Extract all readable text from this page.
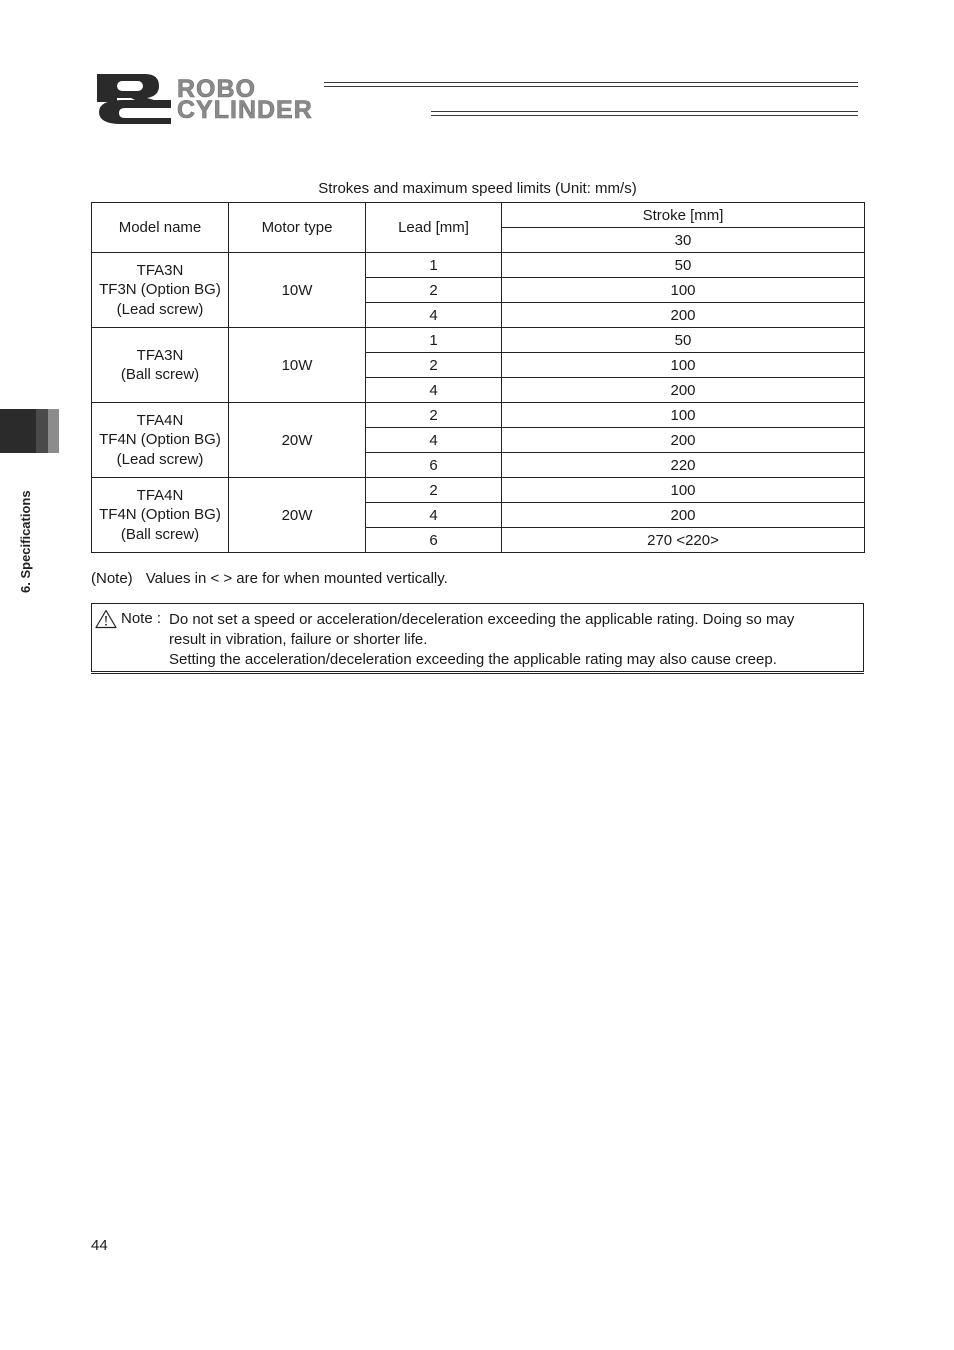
ROBO
CYLINDER
6. Specifications
Strokes and maximum speed limits (Unit: mm/s)
Model name	Motor type	Lead [mm]	Stroke [mm]
			30

TFA3N
TF3N (Option BG)
(Lead screw)	10W	1	50
		2	100
		4	200

TFA3N
(Ball screw)	10W	1	50
		2	100
		4	200

TFA4N
TF4N (Option BG)
(Lead screw)	20W	2	100
		4	200
		6	220

TFA4N
TF4N (Option BG)
(Ball screw)	20W	2	100
		4	200
		6	270 <220>
(Note) Values in < > are for when mounted vertically.
Note : Do not set a speed or acceleration/deceleration exceeding the applicable rating. Doing so may
result in vibration, failure or shorter life.
Setting the acceleration/deceleration exceeding the applicable rating may also cause creep.
44
